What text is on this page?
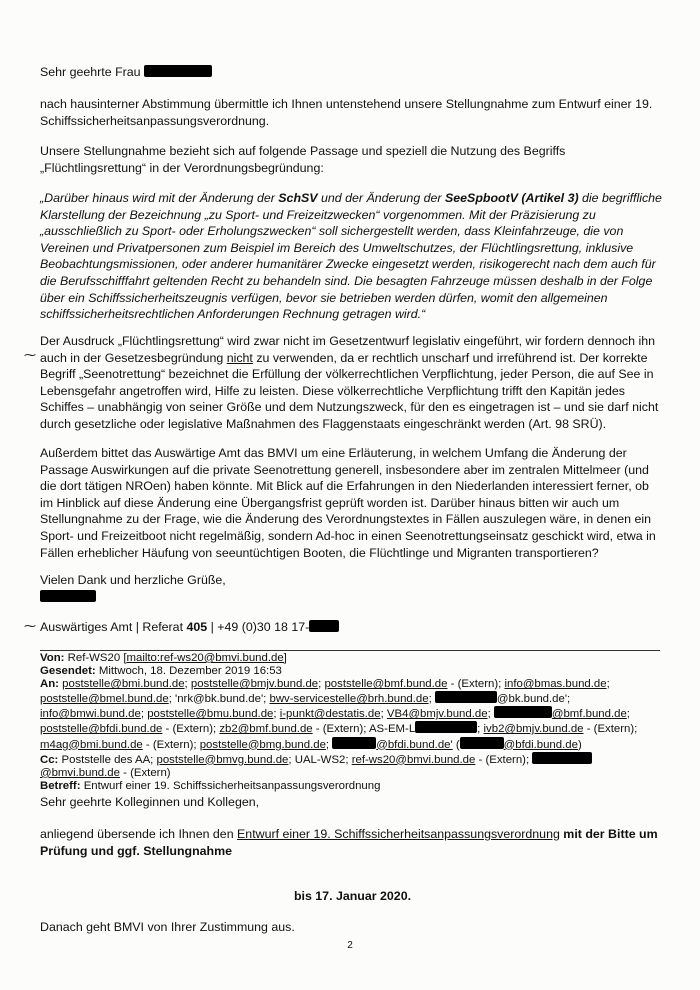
Sehr geehrte Frau

nach hausinterner Abstimmung übermittle ich Ihnen untenstehend unsere Stellungnahme zum Entwurf einer 19. Schiffssicherheitsanpassungsverordnung.

Unsere Stellungnahme bezieht sich auf folgende Passage und speziell die Nutzung des Begriffs „Flüchtlingsrettung“ in der Verordnungsbegründung:

„Darüber hinaus wird mit der Änderung der SchSV und der Änderung der SeeSpbootV (Artikel 3) die begriffliche Klarstellung der Bezeichnung „zu Sport- und Freizeitzwecken“ vorgenommen. Mit der Präzisierung zu „ausschließlich zu Sport- oder Erholungszwecken“ soll sichergestellt werden, dass Kleinfahrzeuge, die von Vereinen und Privatpersonen zum Beispiel im Bereich des Umweltschutzes, der Flüchtlingsrettung, inklusive Beobachtungsmissionen, oder anderer humanitärer Zwecke eingesetzt werden, risikogerecht nach dem auch für die Berufsschifffahrt geltenden Recht zu behandeln sind. Die besagten Fahrzeuge müssen deshalb in der Folge über ein Schiffssicherheitszeugnis verfügen, bevor sie betrieben werden dürfen, womit den allgemeinen schiffssicherheitsrechtlichen Anforderungen Rechnung getragen wird.“

⁓

Der Ausdruck „Flüchtlingsrettung“ wird zwar nicht im Gesetzentwurf legislativ eingeführt, wir fordern dennoch ihn auch in der Gesetzesbegründung nicht zu verwenden, da er rechtlich unscharf und irreführend ist. Der korrekte Begriff „Seenotrettung“ bezeichnet die Erfüllung der völkerrechtlichen Verpflichtung, jeder Person, die auf See in Lebensgefahr angetroffen wird, Hilfe zu leisten. Diese völkerrechtliche Verpflichtung trifft den Kapitän jedes Schiffes – unabhängig von seiner Größe und dem Nutzungszweck, für den es eingetragen ist – und sie darf nicht durch gesetzliche oder legislative Maßnahmen des Flaggenstaats eingeschränkt werden (Art. 98 SRÜ).

Außerdem bittet das Auswärtige Amt das BMVI um eine Erläuterung, in welchem Umfang die Änderung der Passage Auswirkungen auf die private Seenotrettung generell, insbesondere aber im zentralen Mittelmeer (und die dort tätigen NROen) haben könnte. Mit Blick auf die Erfahrungen in den Niederlanden interessiert ferner, ob im Hinblick auf diese Änderung eine Übergangsfrist geprüft worden ist. Darüber hinaus bitten wir auch um Stellungnahme zu der Frage, wie die Änderung des Verordnungstextes in Fällen auszulegen wäre, in denen ein Sport- und Freizeitboot nicht regelmäßig, sondern Ad-hoc in einen Seenotrettungseinsatz geschickt wird, etwa in Fällen erheblicher Häufung von seeuntüchtigen Booten, die Flüchtlinge und Migranten transportieren?

Vielen Dank und herzliche Grüße,

⁓ Auswärtiges Amt | Referat 405 | +49 (0)30 18 17-

Von: Ref-WS20 [mailto:ref-ws20@bmvi.bund.de]
Gesendet: Mittwoch, 18. Dezember 2019 16:53
An: poststelle@bmi.bund.de; poststelle@bmjv.bund.de; poststelle@bmf.bund.de - (Extern); info@bmas.bund.de; poststelle@bmel.bund.de; 'nrk@bk.bund.de'; bwv-servicestelle@brh.bund.de;	@bk.bund.de'; info@bmwi.bund.de; poststelle@bmu.bund.de; i-punkt@destatis.de; VB4@bmjv.bund.de;	@bmf.bund.de; poststelle@bfdi.bund.de - (Extern); zb2@bmf.bund.de - (Extern); AS-EM-L	; ivb2@bmjv.bund.de - (Extern); m4ag@bmi.bund.de - (Extern); poststelle@bmg.bund.de;	@bfdi.bund.de' (	@bfdi.bund.de)
Cc: Poststelle des AA; poststelle@bmvg.bund.de; UAL-WS2; ref-ws20@bmvi.bund.de - (Extern); @bmvi.bund.de - (Extern)
Betreff: Entwurf einer 19. Schiffssicherheitsanpassungsverordnung

Sehr geehrte Kolleginnen und Kollegen,

anliegend übersende ich Ihnen den Entwurf einer 19. Schiffssicherheitsanpassungsverordnung mit der Bitte um Prüfung und ggf. Stellungnahme

bis 17. Januar 2020.

Danach geht BMVI von Ihrer Zustimmung aus.

2
